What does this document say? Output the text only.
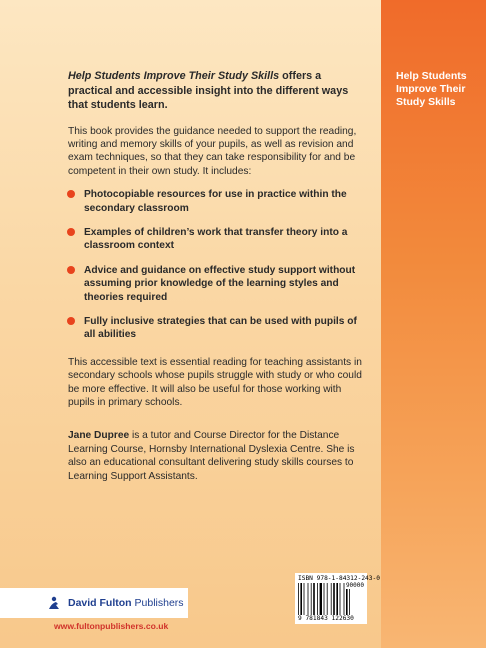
Help Students Improve Their Study Skills

Help Students Improve Their Study Skills offers a practical and accessible insight into the different ways that students learn.

This book provides the guidance needed to support the reading, writing and memory skills of your pupils, as well as revision and exam techniques, so that they can take responsibility for and be competent in their own study. It includes:

Photocopiable resources for use in practice within the secondary classroom
Examples of children’s work that transfer theory into a classroom context
Advice and guidance on effective study support without assuming prior knowledge of the learning styles and theories required
Fully inclusive strategies that can be used with pupils of all abilities

This accessible text is essential reading for teaching assistants in secondary schools whose pupils struggle with study or who could be more effective. It will also be useful for those working with pupils in primary schools.

Jane Dupree is a tutor and Course Director for the Distance Learning Course, Hornsby International Dyslexia Centre. She is also an educational consultant delivering study skills courses to Learning Support Assistants.

David Fulton Publishers
www.fultonpublishers.co.uk
ISBN 978-1-84312-243-0
90000
9 781843 122630
